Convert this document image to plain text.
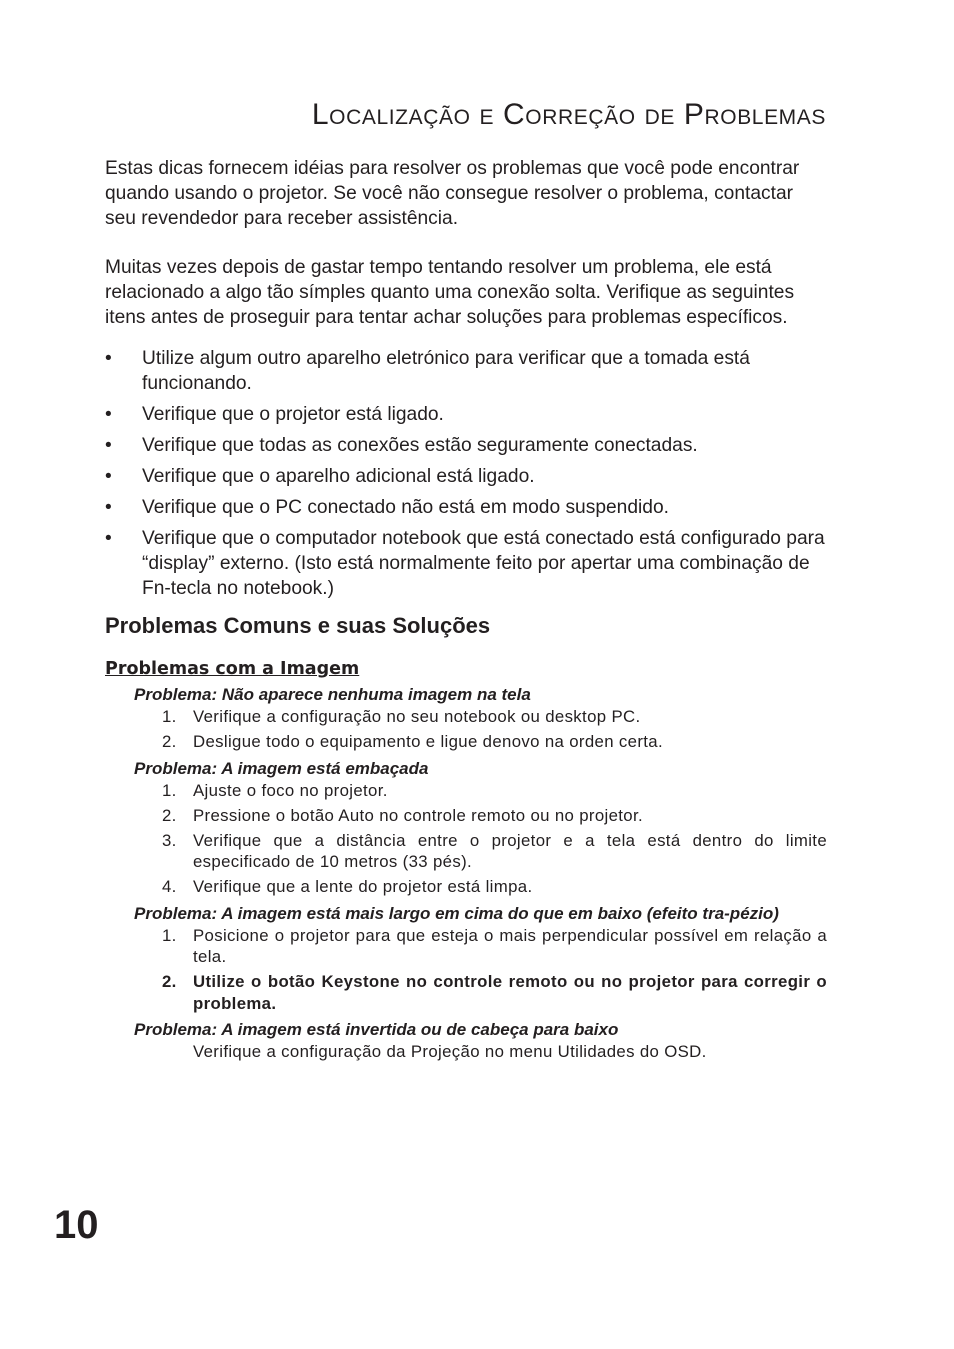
Localização e Correção de Problemas

Estas dicas fornecem idéias para resolver os problemas que você pode encontrar quando usando o projetor. Se você não consegue resolver o problema, contactar seu revendedor para receber assistência.

Muitas vezes depois de gastar tempo tentando resolver um problema, ele está relacionado a algo tão símples quanto uma conexão solta. Verifique as seguintes itens antes de proseguir para tentar achar soluções para problemas específicos.

• Utilize algum outro aparelho eletrónico para verificar que a tomada está funcionando.
• Verifique que o projetor está ligado.
• Verifique que todas as conexões estão seguramente conectadas.
• Verifique que o aparelho adicional está ligado.
• Verifique que o PC conectado não está em modo suspendido.
• Verifique que o computador notebook que está conectado está configurado para “display” externo. (Isto está normalmente feito por apertar uma combinação de Fn-tecla no notebook.)
Problemas Comuns e suas Soluções
Problemas com a Imagem
Problema: Não aparece nenhuma imagem na tela
1. Verifique a configuração no seu notebook ou desktop PC.
2. Desligue todo o equipamento e ligue denovo na orden certa.
Problema: A imagem está embaçada
1. Ajuste o foco no projetor.
2. Pressione o botão Auto no controle remoto ou no projetor.
3. Verifique que a distância entre o projetor e a tela está dentro do limite especificado de 10 metros (33 pés).
4. Verifique que a lente do projetor está limpa.
Problema: A imagem está mais largo em cima do que em baixo (efeito tra-pézio)
1. Posicione o projetor para que esteja o mais perpendicular possível em relação a tela.
2. Utilize o botão Keystone no controle remoto ou no projetor para corregir o problema.
Problema: A imagem está invertida ou de cabeça para baixo
Verifique a configuração da Projeção no menu Utilidades do OSD.
10
